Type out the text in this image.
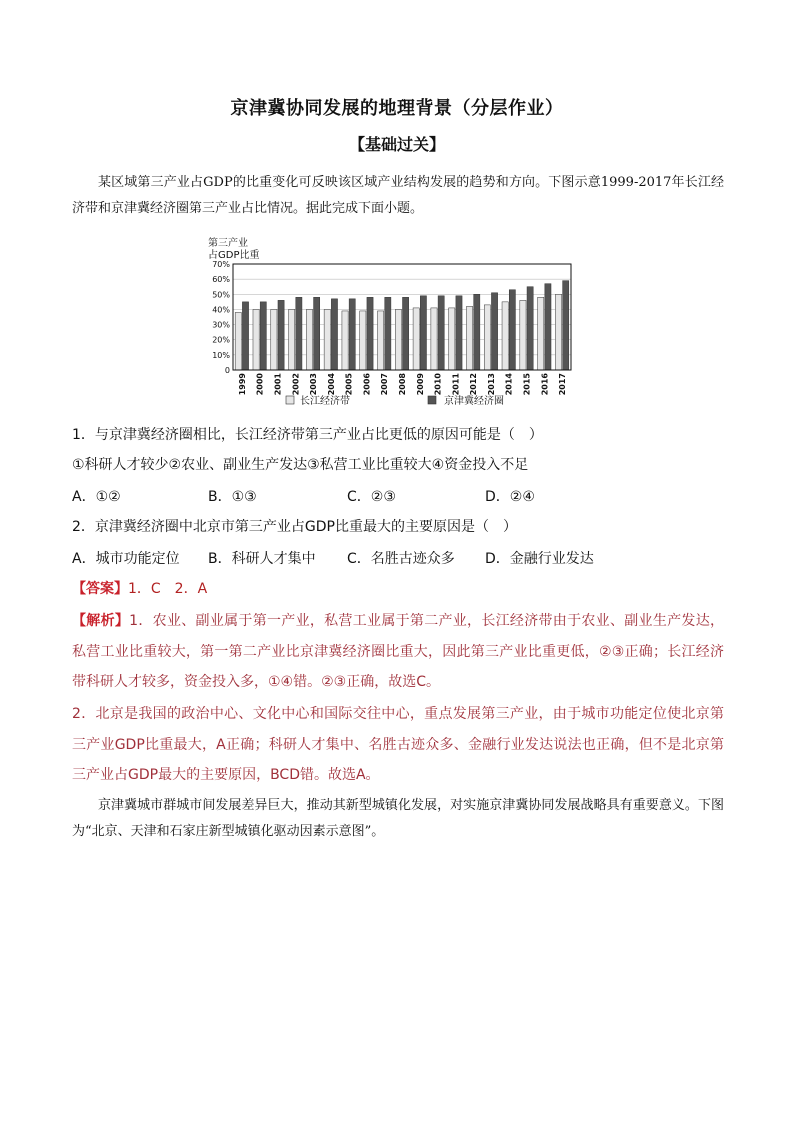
京津冀协同发展的地理背景（分层作业）
【基础过关】
某区域第三产业占GDP的比重变化可反映该区域产业结构发展的趋势和方向。下图示意1999-2017年长江经济带和京津冀经济圈第三产业占比情况。据此完成下面小题。
第三产业
占GDP比重
0
10%
20%
30%
40%
50%
60%
70%
1999 2000 2001 2002 2003 2004 2005 2006 2007 2008 2009 2010 2011 2012 2013 2014 2015 2016 2017
长江经济带	京津冀经济圈
1．与京津冀经济圈相比，长江经济带第三产业占比更低的原因可能是（　）
①科研人才较少②农业、副业生产发达③私营工业比重较大④资金投入不足
A．①②	B．①③	C．②③	D．②④
2．京津冀经济圈中北京市第三产业占GDP比重最大的主要原因是（　）
A．城市功能定位 B．科研人才集中 C．名胜古迹众多 D．金融行业发达
【答案】1．C　2．A
【解析】1．农业、副业属于第一产业，私营工业属于第二产业，长江经济带由于农业、副业生产发达，私营工业比重较大，第一第二产业比京津冀经济圈比重大，因此第三产业比重更低，②③正确；长江经济带科研人才较多，资金投入多，①④错。②③正确，故选C。
2．北京是我国的政治中心、文化中心和国际交往中心，重点发展第三产业，由于城市功能定位使北京第三产业GDP比重最大，A正确；科研人才集中、名胜古迹众多、金融行业发达说法也正确，但不是北京第三产业占GDP最大的主要原因，BCD错。故选A。
京津冀城市群城市间发展差异巨大，推动其新型城镇化发展，对实施京津冀协同发展战略具有重要意义。下图为“北京、天津和石家庄新型城镇化驱动因素示意图”。
